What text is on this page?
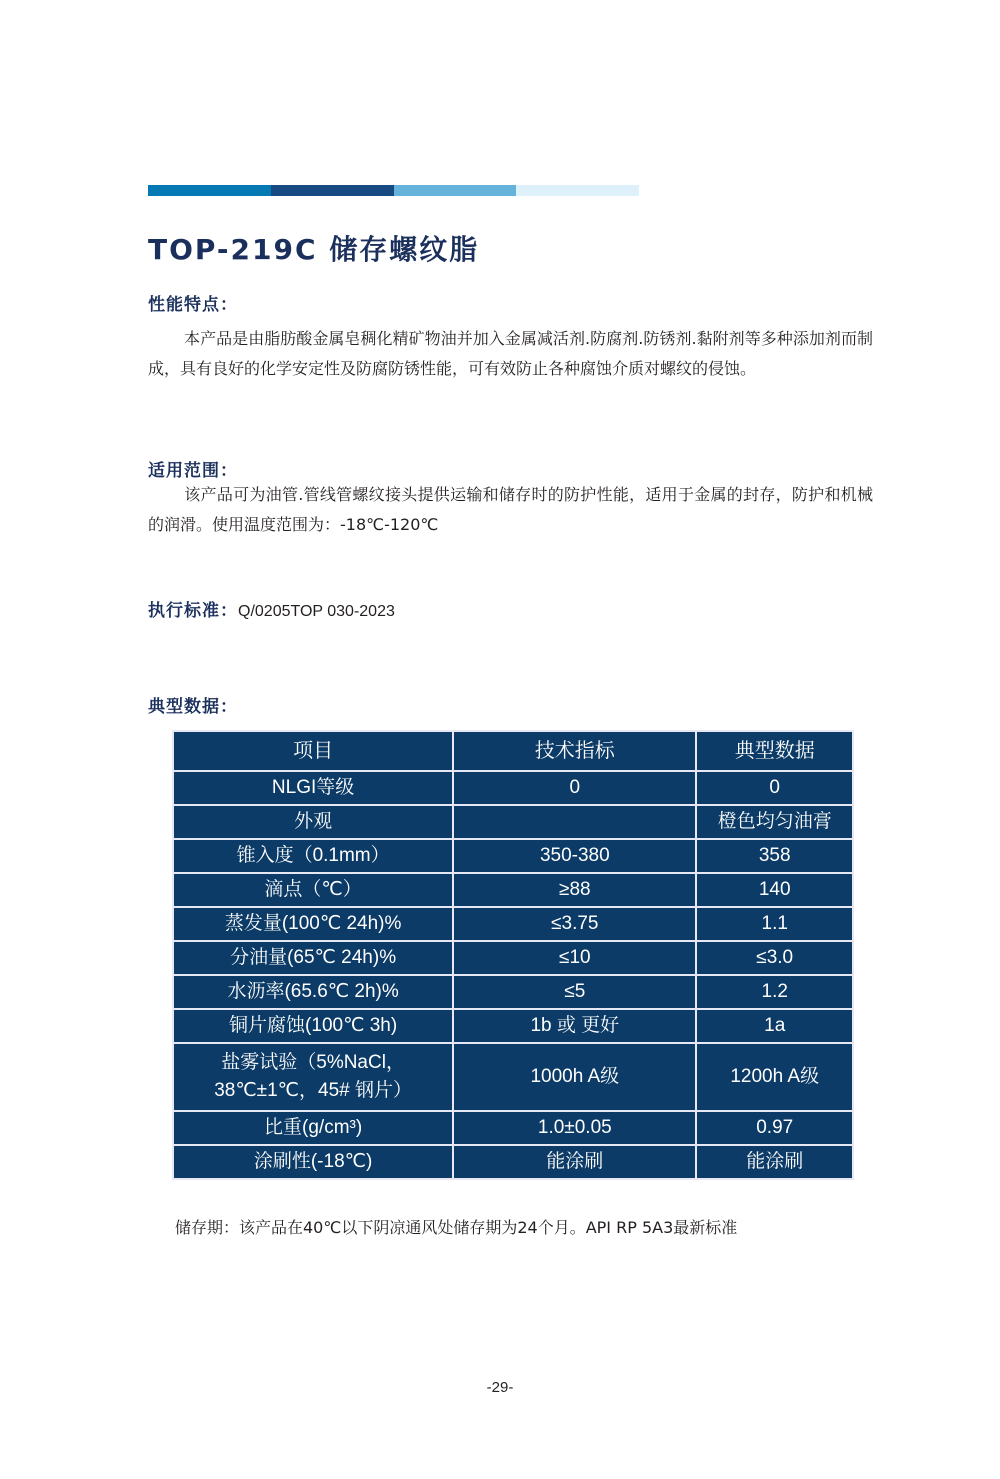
TOP-219C 储存螺纹脂
性能特点：

本产品是由脂肪酸金属皂稠化精矿物油并加入金属减活剂.防腐剂.防锈剂.黏附剂等多种添加剂而制成，具有良好的化学安定性及防腐防锈性能，可有效防止各种腐蚀介质对螺纹的侵蚀。

适用范围：

该产品可为油管.管线管螺纹接头提供运输和储存时的防护性能，适用于金属的封存，防护和机械的润滑。使用温度范围为：-18℃-120℃

执行标准：Q/0205TOP 030-2023
典型数据：
项目	技术指标	典型数据
NLGI等级	0	0
外观		橙色均匀油膏
锥入度（0.1mm）	350-380	358
滴点（℃）	≥88	140
蒸发量(100℃ 24h)%	≤3.75	1.1
分油量(65℃ 24h)%	≤10	≤3.0
水沥率(65.6℃ 2h)%	≤5	1.2
铜片腐蚀(100℃ 3h)	1b 或 更好	1a
盐雾试验（5%NaCl，
38℃±1℃，45# 钢片）	1000h A级	1200h A级
比重(g/cm³)	1.0±0.05	0.97
涂刷性(-18℃)	能涂刷	能涂刷
储存期：该产品在40℃以下阴凉通风处储存期为24个月。API RP 5A3最新标准
-29-
